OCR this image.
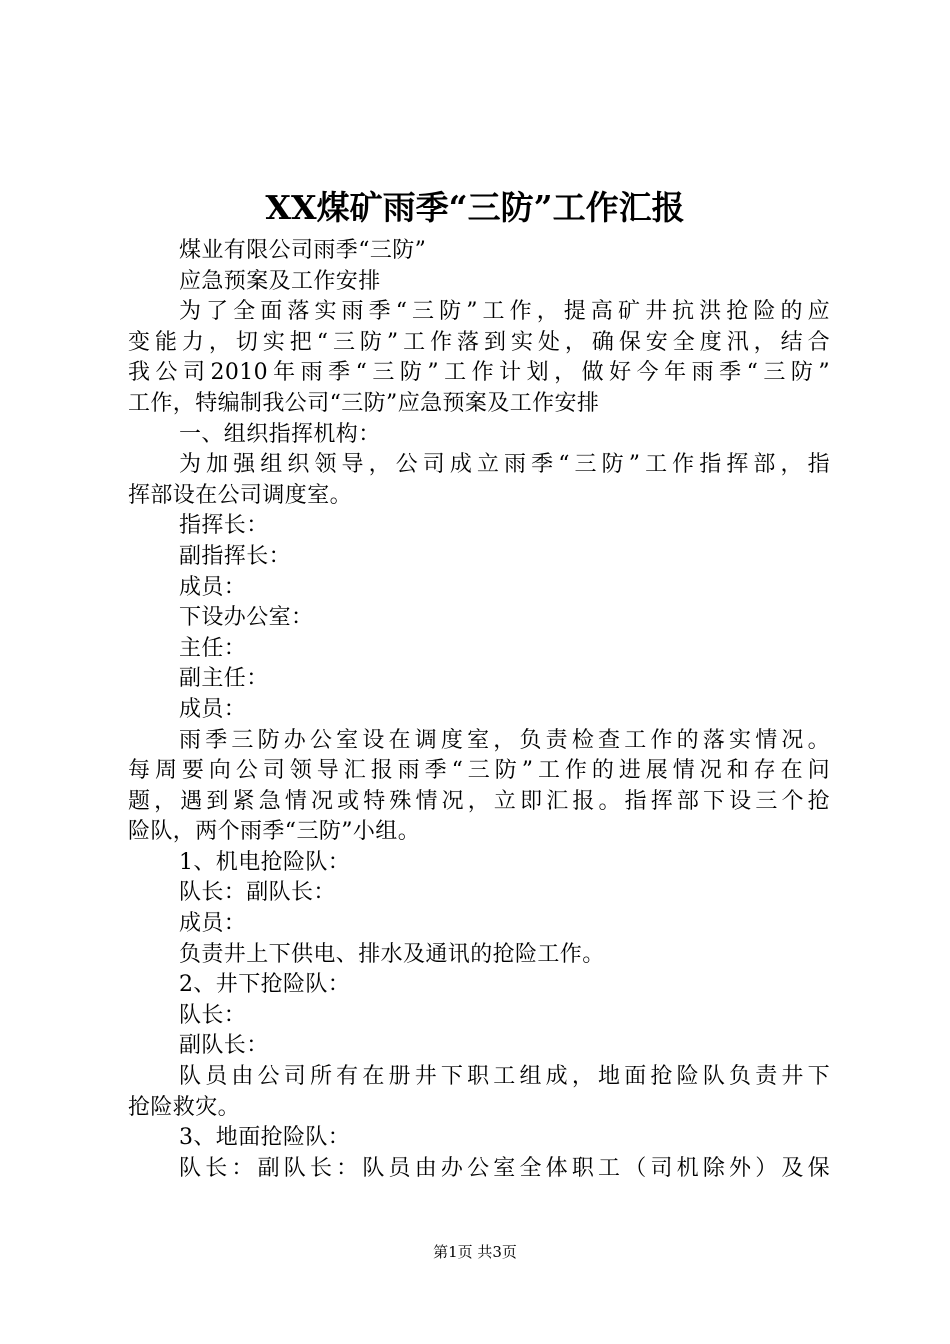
XX煤矿雨季“三防”工作汇报
煤业有限公司雨季“三防”
应急预案及工作安排
为了全面落实雨季“三防”工作，提高矿井抗洪抢险的应
变能力，切实把“三防”工作落到实处，确保安全度汛，结合
我公司2010年雨季“三防”工作计划，做好今年雨季“三防”
工作，特编制我公司“三防”应急预案及工作安排
一、组织指挥机构：
为加强组织领导，公司成立雨季“三防”工作指挥部，指
挥部设在公司调度室。
指挥长：
副指挥长：
成员：
下设办公室：
主任：
副主任：
成员：
雨季三防办公室设在调度室，负责检查工作的落实情况。
每周要向公司领导汇报雨季“三防”工作的进展情况和存在问
题，遇到紧急情况或特殊情况，立即汇报。指挥部下设三个抢
险队，两个雨季“三防”小组。
1、机电抢险队：
队长：副队长：
成员：
负责井上下供电、排水及通讯的抢险工作。
2、井下抢险队：
队长：
副队长：
队员由公司所有在册井下职工组成，地面抢险队负责井下
抢险救灾。
3、地面抢险队：
队长：副队长：队员由办公室全体职工（司机除外）及保
第1页 共3页
